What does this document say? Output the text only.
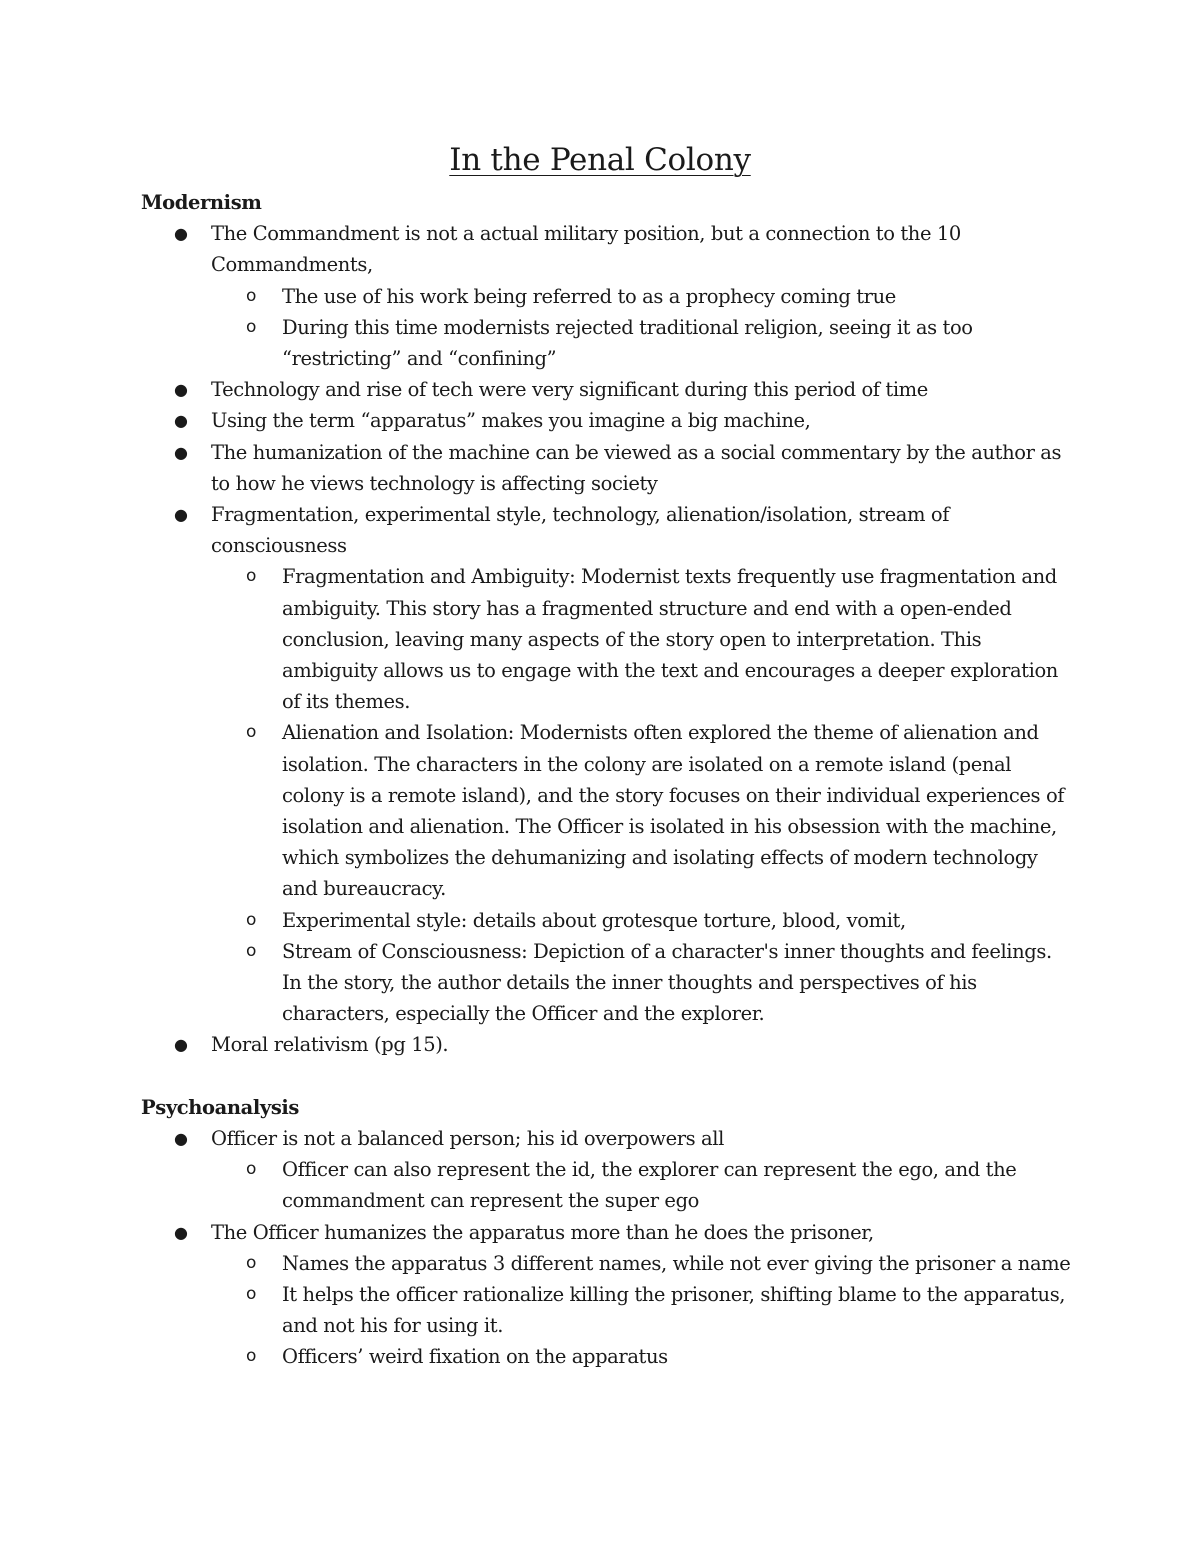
In the Penal Colony
Modernism
● The Commandment is not a actual military position, but a connection to the 10 Commandments,
o The use of his work being referred to as a prophecy coming true
o During this time modernists rejected traditional religion, seeing it as too “restricting” and “confining”
● Technology and rise of tech were very significant during this period of time
● Using the term “apparatus” makes you imagine a big machine,
● The humanization of the machine can be viewed as a social commentary by the author as to how he views technology is affecting society
● Fragmentation, experimental style, technology, alienation/isolation, stream of consciousness
o Fragmentation and Ambiguity: Modernist texts frequently use fragmentation and ambiguity. This story has a fragmented structure and end with a open-ended conclusion, leaving many aspects of the story open to interpretation. This ambiguity allows us to engage with the text and encourages a deeper exploration of its themes.
o Alienation and Isolation: Modernists often explored the theme of alienation and isolation. The characters in the colony are isolated on a remote island (penal colony is a remote island), and the story focuses on their individual experiences of isolation and alienation. The Officer is isolated in his obsession with the machine, which symbolizes the dehumanizing and isolating effects of modern technology and bureaucracy.
o Experimental style: details about grotesque torture, blood, vomit,
o Stream of Consciousness: Depiction of a character's inner thoughts and feelings. In the story, the author details the inner thoughts and perspectives of his characters, especially the Officer and the explorer.
● Moral relativism (pg 15).
Psychoanalysis
● Officer is not a balanced person; his id overpowers all
o Officer can also represent the id, the explorer can represent the ego, and the commandment can represent the super ego
● The Officer humanizes the apparatus more than he does the prisoner,
o Names the apparatus 3 different names, while not ever giving the prisoner a name
o It helps the officer rationalize killing the prisoner, shifting blame to the apparatus, and not his for using it.
o Officers’ weird fixation on the apparatus
